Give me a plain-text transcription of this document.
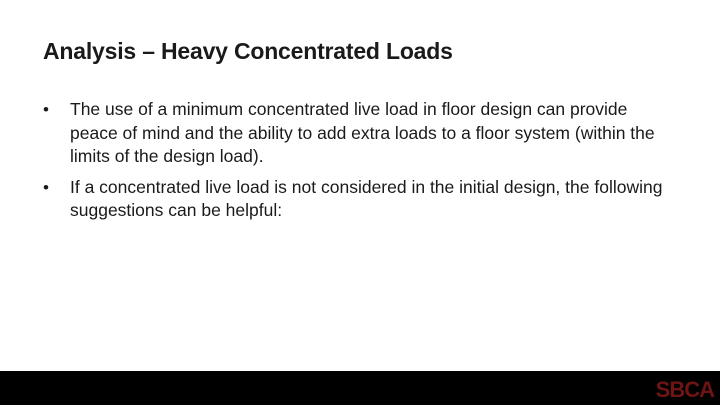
Analysis – Heavy Concentrated Loads
•	The use of a minimum concentrated live load in floor design can provide peace of mind and the ability to add extra loads to a floor system (within the limits of the design load).
•	If a concentrated live load is not considered in the initial design, the following suggestions can be helpful:
SBCA
